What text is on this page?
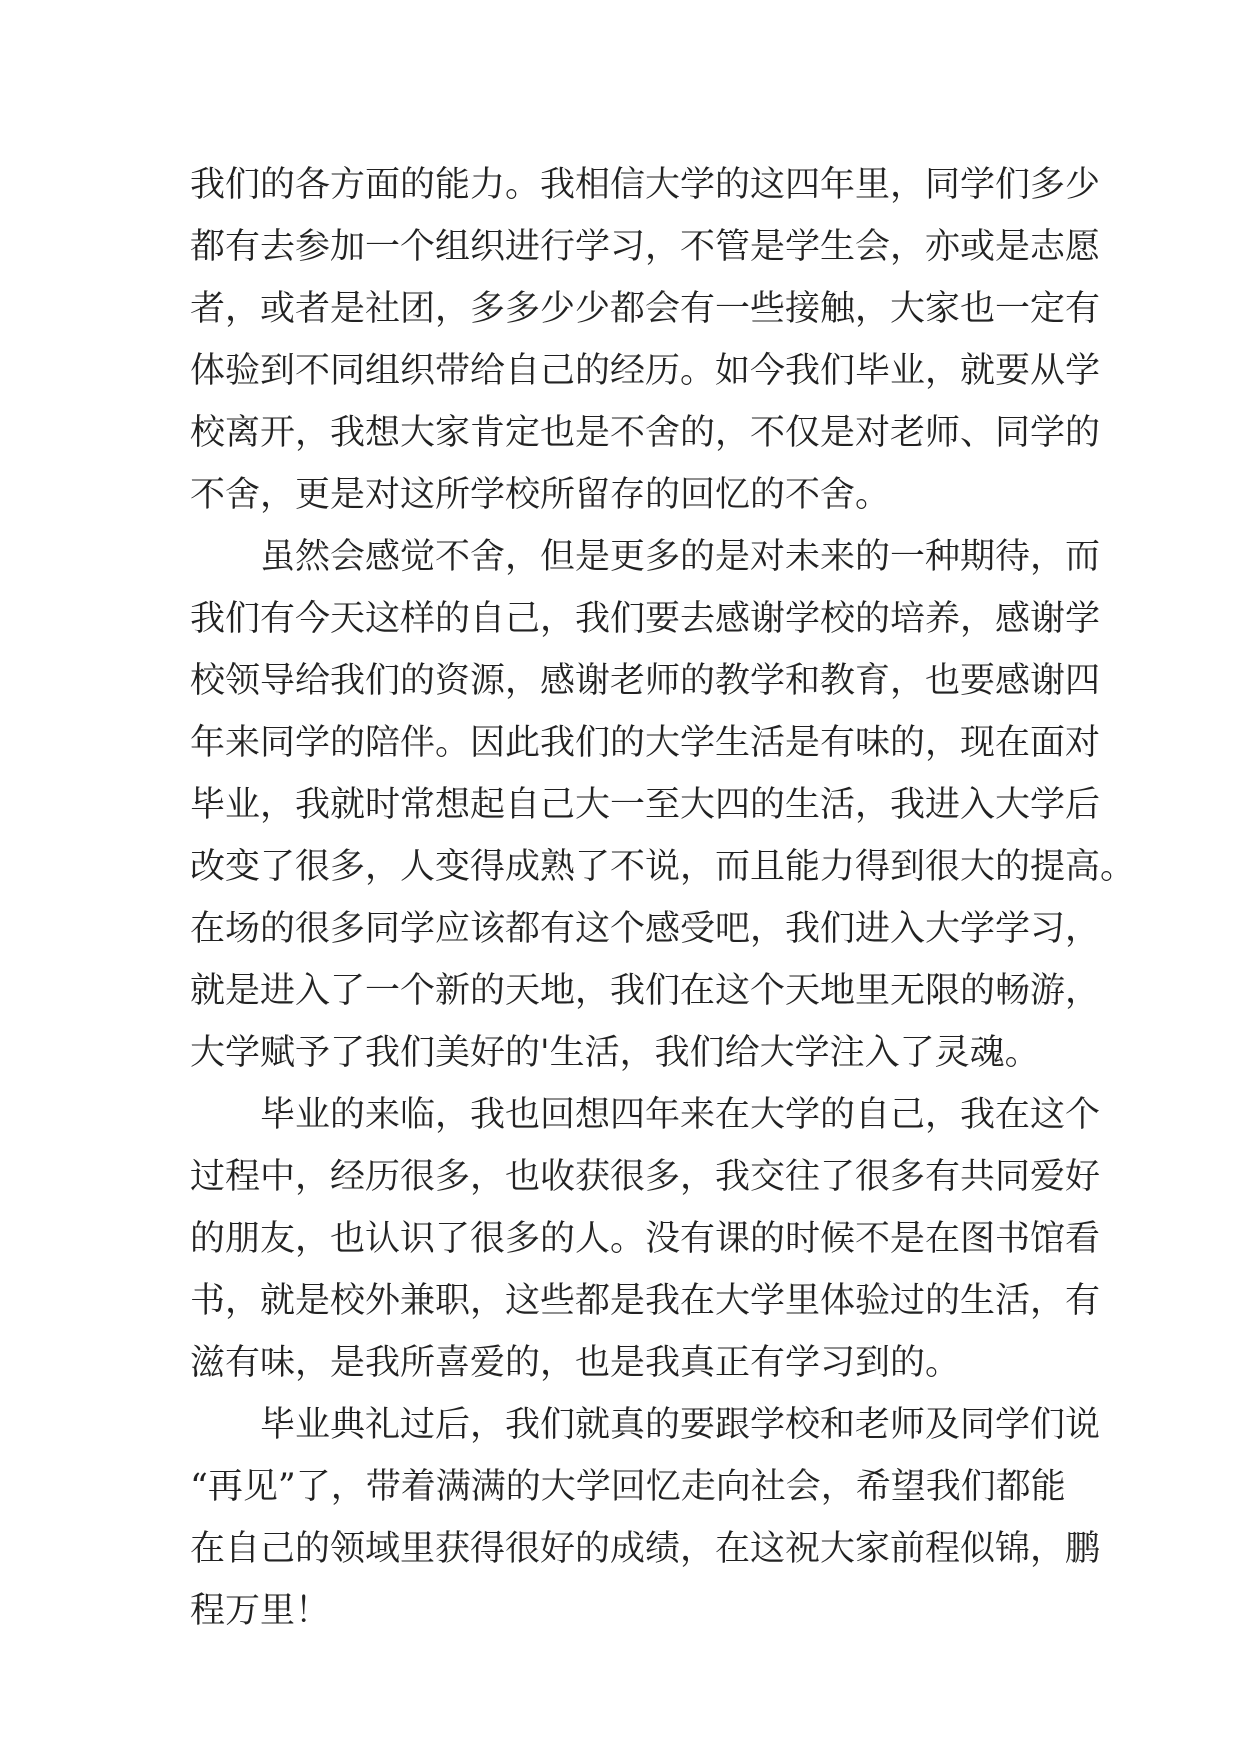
我们的各方面的能力。我相信大学的这四年里，同学们多少
都有去参加一个组织进行学习，不管是学生会，亦或是志愿
者，或者是社团，多多少少都会有一些接触，大家也一定有
体验到不同组织带给自己的经历。如今我们毕业，就要从学
校离开，我想大家肯定也是不舍的，不仅是对老师、同学的
不舍，更是对这所学校所留存的回忆的不舍。
虽然会感觉不舍，但是更多的是对未来的一种期待，而
我们有今天这样的自己，我们要去感谢学校的培养，感谢学
校领导给我们的资源，感谢老师的教学和教育，也要感谢四
年来同学的陪伴。因此我们的大学生活是有味的，现在面对
毕业，我就时常想起自己大一至大四的生活，我进入大学后
改变了很多，人变得成熟了不说，而且能力得到很大的提高。
在场的很多同学应该都有这个感受吧，我们进入大学学习，
就是进入了一个新的天地，我们在这个天地里无限的畅游，
大学赋予了我们美好的'生活，我们给大学注入了灵魂。
毕业的来临，我也回想四年来在大学的自己，我在这个
过程中，经历很多，也收获很多，我交往了很多有共同爱好
的朋友，也认识了很多的人。没有课的时候不是在图书馆看
书，就是校外兼职，这些都是我在大学里体验过的生活，有
滋有味，是我所喜爱的，也是我真正有学习到的。
毕业典礼过后，我们就真的要跟学校和老师及同学们说
“再见”了，带着满满的大学回忆走向社会，希望我们都能
在自己的领域里获得很好的成绩，在这祝大家前程似锦，鹏
程万里！
